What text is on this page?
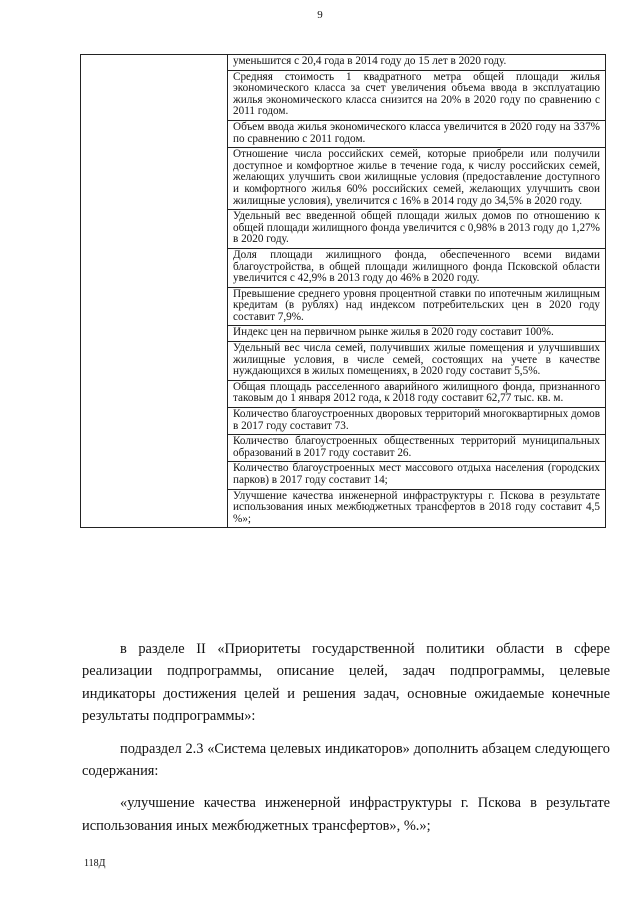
9

уменьшится с 20,4 года в 2014 году до 15 лет в 2020 году.
Средняя стоимость 1 квадратного метра общей площади жилья экономического класса за счет увеличения объема ввода в эксплуатацию жилья экономического класса снизится на 20% в 2020 году по сравнению с 2011 годом.
Объем ввода жилья экономического класса увеличится в 2020 году на 337% по сравнению с 2011 годом.
Отношение числа российских семей, которые приобрели или получили доступное и комфортное жилье в течение года, к числу российских семей, желающих улучшить свои жилищные условия (предоставление доступного и комфортного жилья 60% российских семей, желающих улучшить свои жилищные условия), увеличится с 16% в 2014 году до 34,5% в 2020 году.
Удельный вес введенной общей площади жилых домов по отношению к общей площади жилищного фонда увеличится с 0,98% в 2013 году до 1,27% в 2020 году.
Доля площади жилищного фонда, обеспеченного всеми видами благоустройства, в общей площади жилищного фонда Псковской области увеличится с 42,9% в 2013 году до 46% в 2020 году.
Превышение среднего уровня процентной ставки по ипотечным жилищным кредитам (в рублях) над индексом потребительских цен в 2020 году составит 7,9%.
Индекс цен на первичном рынке жилья в 2020 году составит 100%.
Удельный вес числа семей, получивших жилые помещения и улучшивших жилищные условия, в числе семей, состоящих на учете в качестве нуждающихся в жилых помещениях, в 2020 году составит 5,5%.
Общая площадь расселенного аварийного жилищного фонда, признанного таковым до 1 января 2012 года, к 2018 году составит 62,77 тыс. кв. м.
Количество благоустроенных дворовых территорий многоквартирных домов в 2017 году составит 73.
Количество благоустроенных общественных территорий муниципальных образований в 2017 году составит 26.
Количество благоустроенных мест массового отдыха населения (городских парков) в 2017 году составит 14;
Улучшение качества инженерной инфраструктуры г. Пскова в результате использования иных межбюджетных трансфертов в 2018 году составит 4,5 %»;

в разделе II «Приоритеты государственной политики области в сфере реализации подпрограммы, описание целей, задач подпрограммы, целевые индикаторы достижения целей и решения задач, основные ожидаемые конечные результаты подпрограммы»:

подраздел 2.3 «Система целевых индикаторов» дополнить абзацем следующего содержания:

«улучшение качества инженерной инфраструктуры г. Пскова в результате использования иных межбюджетных трансфертов», %.»;

118Д
